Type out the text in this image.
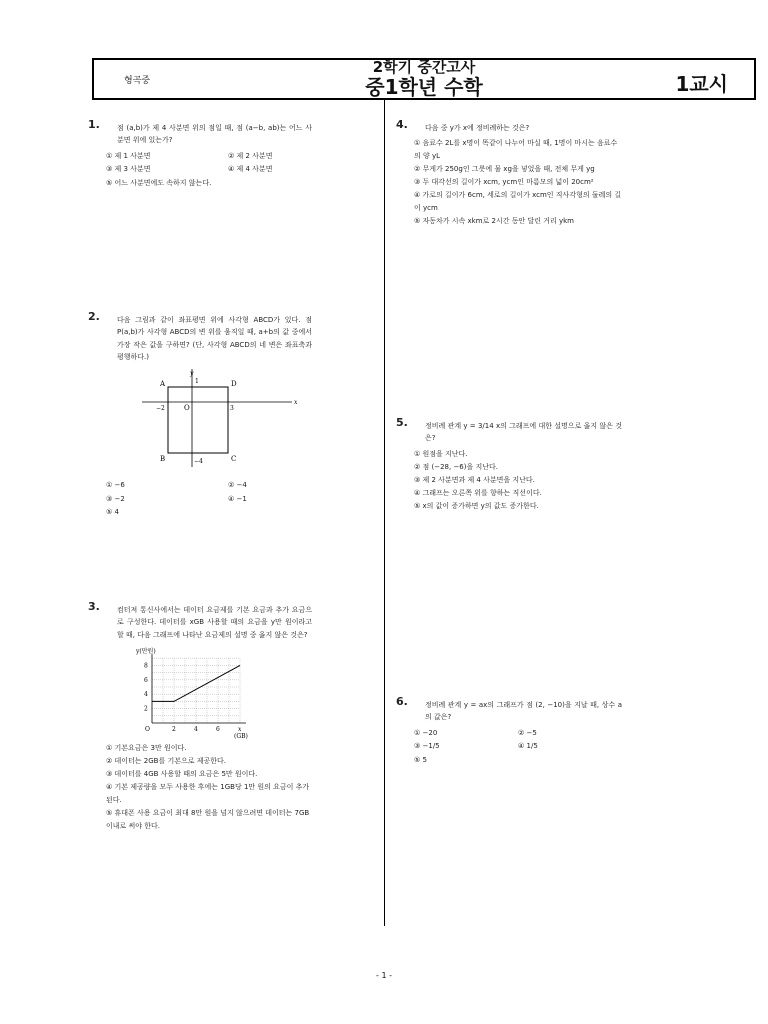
형곡중
2학기 중간고사
중1학년 수학	1교시
1.	점 (a,b)가 제 4 사분면 위의 점일 때, 점 (a−b, ab)는 어느 사분면 위에 있는가?
① 제 1 사분면	② 제 2 사분면
③ 제 3 사분면	④ 제 4 사분면
⑤ 어느 사분면에도 속하지 않는다.
2.	다음 그림과 같이 좌표평면 위에 사각형 ABCD가 있다. 점 P(a,b)가 사각형 ABCD의 변 위를 움직일 때, a+b의 값 중에서 가장 작은 값을 구하면? (단, 사각형 ABCD의 네 변은 좌표축과 평행하다.)
y
x
A	D
B	C
O
−2	3
1
−4
① −6	② −4
③ −2	④ −1
⑤ 4
3.	컴터져 통신사에서는 데이터 요금제를 기본 요금과 추가 요금으로 구성한다. 데이터를 xGB 사용할 때의 요금을 y만 원이라고 할 때, 다음 그래프에 나타난 요금제의 설명 중 옳지 않은 것은?
2	4	6	x
2
4
6
8
O
y(만원)
(GB)
① 기본요금은 3만 원이다.
② 데이터는 2GB를 기본으로 제공한다.
③ 데이터를 4GB 사용할 때의 요금은 5만 원이다.
④ 기본 제공량을 모두 사용한 후에는 1GB당 1만 원의 요금이 추가된다.
⑤ 휴대폰 사용 요금이 최대 8만 원을 넘지 않으려면 데이터는 7GB 이내로 써야 한다.
4.	다음 중 y가 x에 정비례하는 것은?
① 음료수 2L를 x명이 똑같이 나누어 마실 때, 1명이 마시는 음료수의 양 yL
② 무게가 250g인 그릇에 물 xg을 넣었을 때, 전체 무게 yg
③ 두 대각선의 길이가 xcm, ycm인 마름모의 넓이 20cm²
④ 가로의 길이가 6cm, 세로의 길이가 xcm인 직사각형의 둘레의 길이 ycm
⑤ 자동차가 시속 xkm로 2시간 동안 달린 거리 ykm
5.	정비례 관계 y = 3/14 x의 그래프에 대한 설명으로 옳지 않은 것은?
① 원점을 지난다.
② 점 (−28, −6)을 지난다.
③ 제 2 사분면과 제 4 사분면을 지난다.
④ 그래프는 오른쪽 위를 향하는 직선이다.
⑤ x의 값이 증가하면 y의 값도 증가한다.
6.	정비례 관계 y = ax의 그래프가 점 (2, −10)을 지날 때, 상수 a의 값은?
① −20	② −5
③ −1/5	④ 1/5
⑤ 5
- 1 -
